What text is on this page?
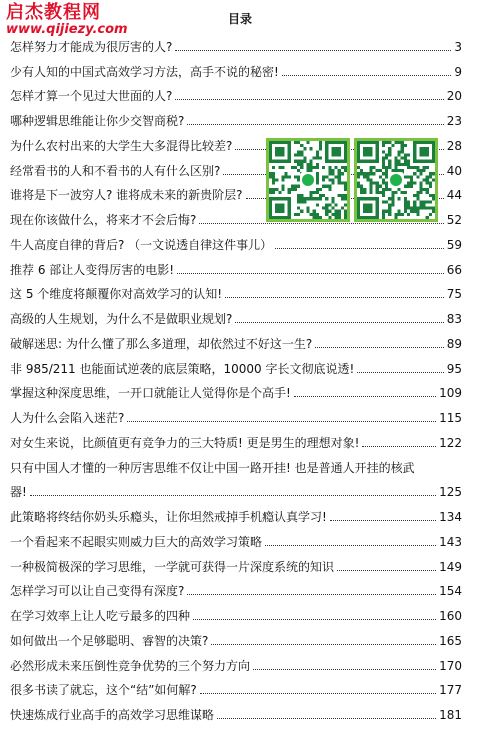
启杰教程网
www.qijiezy.com
目录
怎样努力才能成为很厉害的人?	3
少有人知的中国式高效学习方法，高手不说的秘密!	9
怎样才算一个见过大世面的人?	20
哪种逻辑思维能让你少交智商税?	23
为什么农村出来的大学生大多混得比较差?	28
经常看书的人和不看书的人有什么区别?	40
谁将是下一波穷人? 谁将成未来的新贵阶层?	44
现在你该做什么，将来才不会后悔?	52
牛人高度自律的背后? （一文说透自律这件事儿）	59
推荐 6 部让人变得厉害的电影!	66
这 5 个维度将颠覆你对高效学习的认知!	75
高级的人生规划，为什么不是做职业规划?	83
破解迷思: 为什么懂了那么多道理，却依然过不好这一生?	89
非 985/211 也能面试逆袭的底层策略，10000 字长文彻底说透!	95
掌握这种深度思维，一开口就能让人觉得你是个高手!	109
人为什么会陷入迷茫?	115
对女生来说，比颜值更有竞争力的三大特质! 更是男生的理想对象!	122
只有中国人才懂的一种厉害思维不仅让中国一路开挂! 也是普通人开挂的核武
器!	125
此策略将终结你奶头乐瘾头，让你坦然戒掉手机瘾认真学习!	134
一个看起来不起眼实则威力巨大的高效学习策略	143
一种极简极深的学习思维，一学就可获得一片深度系统的知识	149
怎样学习可以让自己变得有深度?	154
在学习效率上让人吃亏最多的四种	160
如何做出一个足够聪明、睿智的决策?	165
必然形成未来压倒性竞争优势的三个努力方向	170
很多书读了就忘，这个“结”如何解?	177
快速炼成行业高手的高效学习思维谋略	181
